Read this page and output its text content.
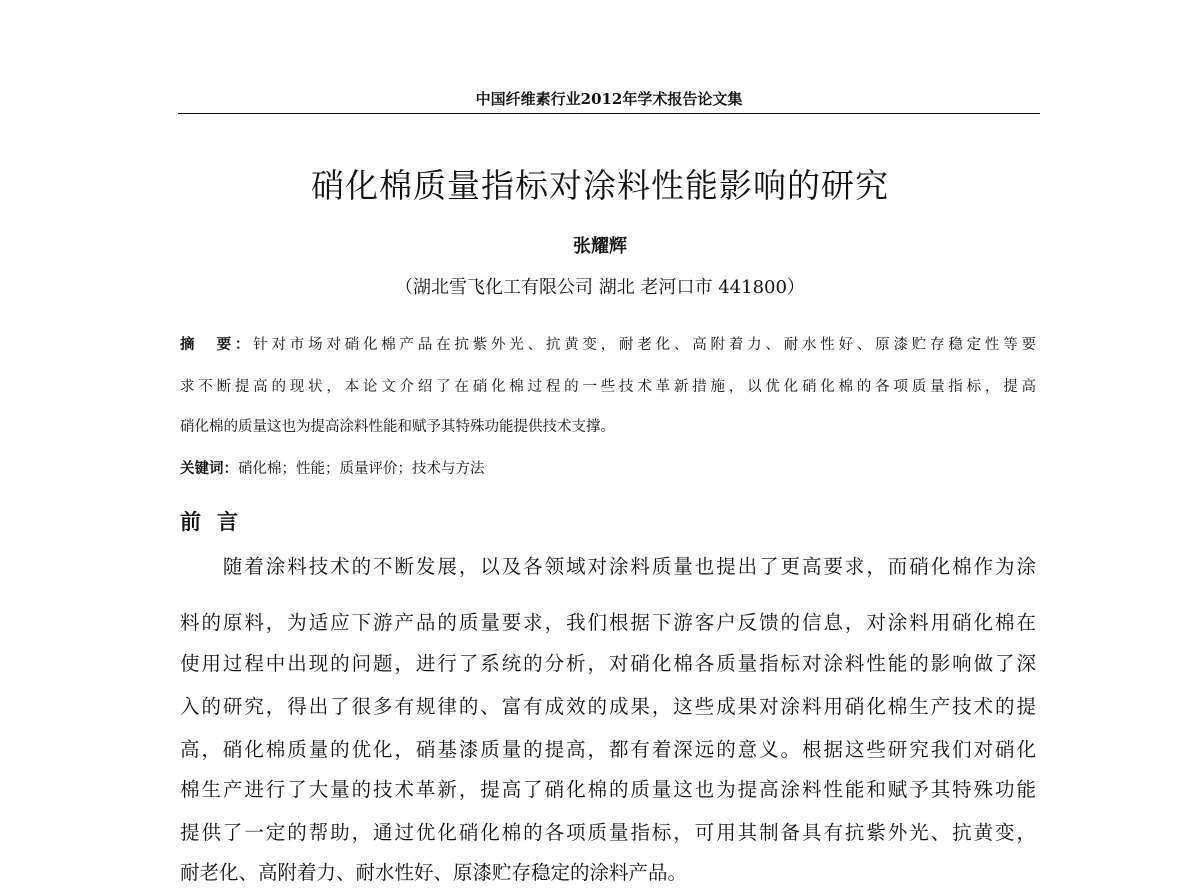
中国纤维素行业2012年学术报告论文集
硝化棉质量指标对涂料性能影响的研究
张耀辉
（湖北雪飞化工有限公司 湖北 老河口市 441800）
摘　要：针对市场对硝化棉产品在抗紫外光、抗黄变，耐老化、高附着力、耐水性好、原漆贮存稳定性等要
求不断提高的现状，本论文介绍了在硝化棉过程的一些技术革新措施，以优化硝化棉的各项质量指标，提高
硝化棉的质量这也为提高涂料性能和赋予其特殊功能提供技术支撑。
关键词：硝化棉；性能；质量评价；技术与方法
前言
　　随着涂料技术的不断发展，以及各领域对涂料质量也提出了更高要求，而硝化棉作为涂
料的原料，为适应下游产品的质量要求，我们根据下游客户反馈的信息，对涂料用硝化棉在
使用过程中出现的问题，进行了系统的分析，对硝化棉各质量指标对涂料性能的影响做了深
入的研究，得出了很多有规律的、富有成效的成果，这些成果对涂料用硝化棉生产技术的提
高，硝化棉质量的优化，硝基漆质量的提高，都有着深远的意义。根据这些研究我们对硝化
棉生产进行了大量的技术革新，提高了硝化棉的质量这也为提高涂料性能和赋予其特殊功能
提供了一定的帮助，通过优化硝化棉的各项质量指标，可用其制备具有抗紫外光、抗黄变，
耐老化、高附着力、耐水性好、原漆贮存稳定的涂料产品。
